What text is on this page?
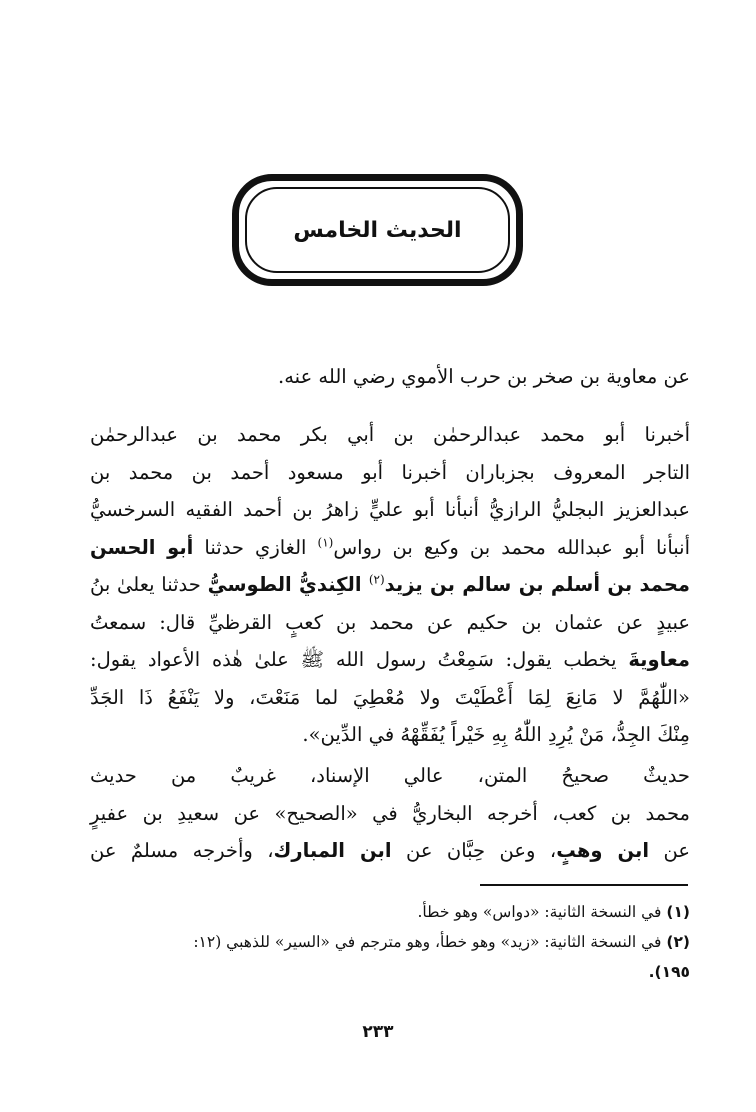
الحديث الخامس
عن معاوية بن صخر بن حرب الأموي رضي الله عنه.
أخبرنا أبو محمد عبدالرحمٰن بن أبي بكر محمد بن عبدالرحمٰن
التاجر المعروف بجزباران أخبرنا أبو مسعود أحمد بن محمد بن
عبدالعزيز البجليُّ الرازيُّ أنبأنا أبو عليٍّ زاهرُ بن أحمد الفقيه السرخسيُّ
أنبأنا أبو عبدالله محمد بن وكيع بن رواس$^{(١)}$ الغازي حدثنا أبو الحسن
محمد بن أسلم بن سالم بن يزيد$^{(٢)}$ الكِنديُّ الطوسيُّ حدثنا يعلىٰ بنُ
عبيدٍ عن عثمان بن حكيم عن محمد بن كعبٍ القرظيِّ قال: سمعتُ
معاويةَ يخطب يقول: سَمِعْتُ رسول الله ﷺ علىٰ هٰذه الأعواد يقول:
«اللّٰهُمَّ لا مَانِعَ لِمَا أَعْطَيْتَ ولا مُعْطِيَ لما مَنَعْتَ، ولا يَنْفَعُ ذَا الجَدِّ
مِنْكَ الجِدُّ، مَنْ يُرِدِ اللّٰهُ بِهِ خَيْراً يُفَقِّهْهُ في الدِّين».
حديثٌ صحيحُ المتن، عالي الإسناد، غريبٌ من حديث
محمد بن كعب، أخرجه البخاريُّ في «الصحيح» عن سعيدِ بن عفيرٍ
عن ابن وهبٍ، وعن حِبَّان عن ابن المبارك، وأخرجه مسلمٌ عن
(١) في النسخة الثانية: «دواس» وهو خطأ.
(٢) في النسخة الثانية: «زيد» وهو خطأ، وهو مترجم في «السير» للذهبي (١٢:
١٩٥).
٢٣٣
